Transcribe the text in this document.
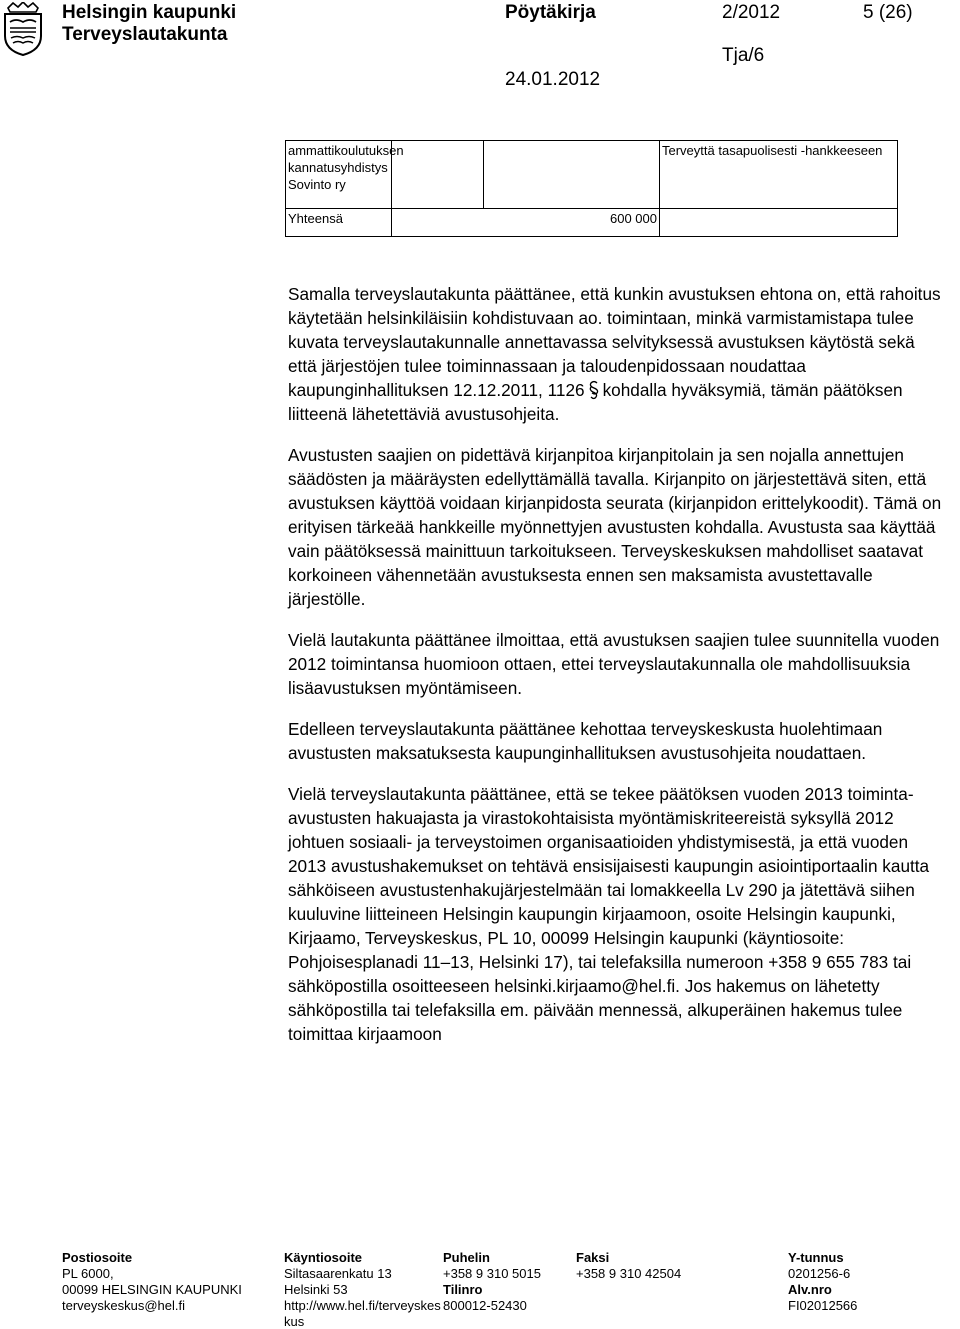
Helsingin kaupunki	Pöytäkirja	2/2012	5 (26)
Terveyslautakunta
Tja/6
24.01.2012
ammattikoulutuksen kannatusyhdistys Sovinto ry			Terveyttä tasapuolisesti -hankkeeseen
Yhteensä	600 000		

Samalla terveyslautakunta päättänee, että kunkin avustuksen ehtona on, että rahoitus käytetään helsinkiläisiin kohdistuvaan ao. toimintaan, minkä varmistamistapa tulee kuvata terveyslautakunnalle annettavassa selvityksessä avustuksen käytöstä sekä että järjestöjen tulee toiminnassaan ja taloudenpidossaan noudattaa kaupunginhallituksen 12.12.2011, 1126 kohdalla hyväksymiä, tämän päätöksen liitteenä lähetettäviä avustusohjeita.

Avustusten saajien on pidettävä kirjanpitoa kirjanpitolain ja sen nojalla annettujen säädösten ja määräysten edellyttämällä tavalla. Kirjanpito on järjestettävä siten, että avustuksen käyttöä voidaan kirjanpidosta seurata (kirjanpidon erittelykoodit). Tämä on erityisen tärkeää hankkeille myönnettyjen avustusten kohdalla. Avustusta saa käyttää vain päätöksessä mainittuun tarkoitukseen. Terveyskeskuksen mahdolliset saatavat korkoineen vähennetään avustuksesta ennen sen maksamista avustettavalle järjestölle.

Vielä lautakunta päättänee ilmoittaa, että avustuksen saajien tulee suunnitella vuoden 2012 toimintansa huomioon ottaen, ettei terveyslautakunnalla ole mahdollisuuksia lisäavustuksen myöntämiseen.

Edelleen terveyslautakunta päättänee kehottaa terveyskeskusta huolehtimaan avustusten maksatuksesta kaupunginhallituksen avustusohjeita noudattaen.

Vielä terveyslautakunta päättänee, että se tekee päätöksen vuoden 2013 toiminta-avustusten hakuajasta ja virastokohtaisista myöntämiskriteereistä syksyllä 2012 johtuen sosiaali- ja terveystoimen organisaatioiden yhdistymisestä, ja että vuoden 2013 avustushakemukset on tehtävä ensisijaisesti kaupungin asiointiportaalin kautta sähköiseen avustustenhakujärjestelmään tai lomakkeella Lv 290 ja jätettävä siihen kuuluvine liitteineen Helsingin kaupungin kirjaamoon, osoite Helsingin kaupunki, Kirjaamo, Terveyskeskus, PL 10, 00099 Helsingin kaupunki (käyntiosoite: Pohjoisesplanadi 11–13, Helsinki 17), tai telefaksilla numeroon +358 9 655 783 tai sähköpostilla osoitteeseen helsinki.kirjaamo@hel.fi. Jos hakemus on lähetetty sähköpostilla tai telefaksilla em. päivään mennessä, alkuperäinen hakemus tulee toimittaa kirjaamoon

Postiosoite
PL 6000,
00099 HELSINGIN KAUPUNKI
terveyskeskus@hel.fi
Käyntiosoite
Siltasaarenkatu 13
Helsinki 53
http://www.hel.fi/terveyskeskus
Puhelin
+358 9 310 5015
Tilinro
800012-52430
Faksi
+358 9 310 42504
Y-tunnus
0201256-6
Alv.nro
FI02012566
